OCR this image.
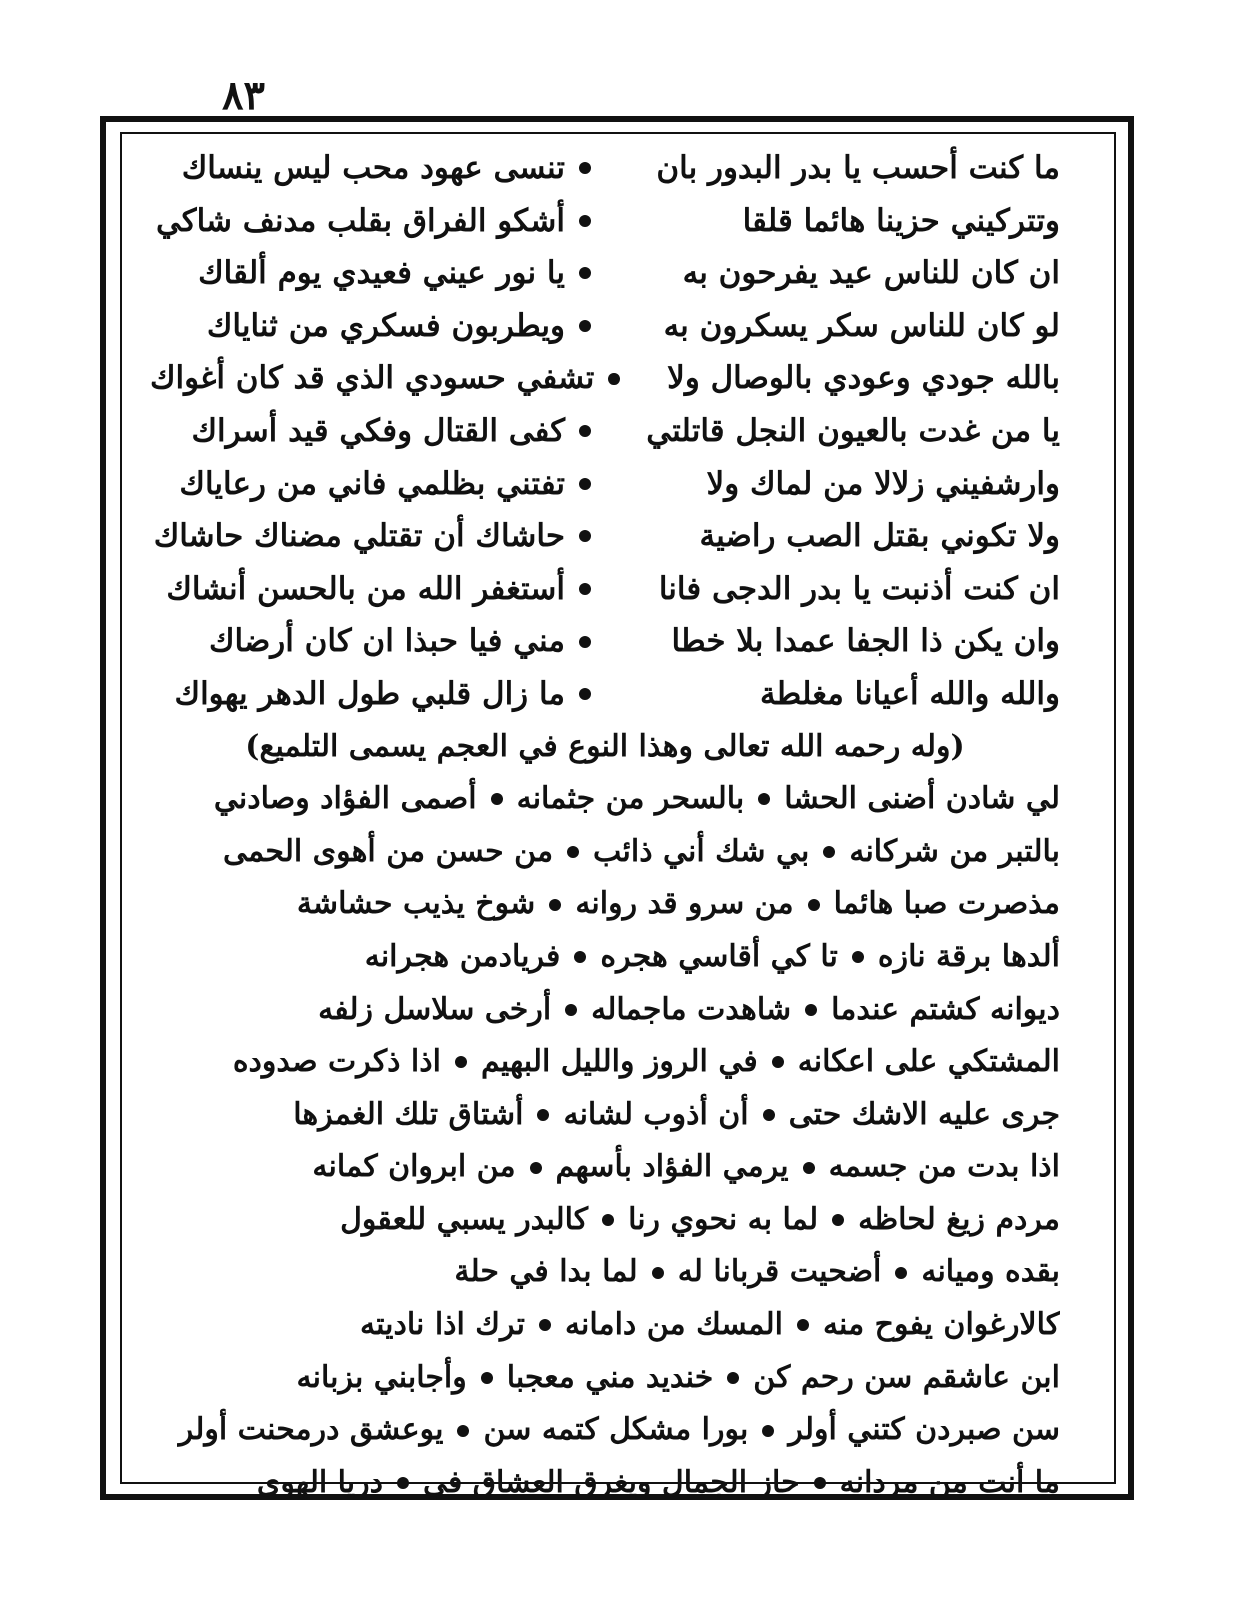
٨٣
ما كنت أحسب يا بدر البدور بان
تنسى عهود محب ليس ينساك
وتتركيني حزينا هائما قلقا
أشكو الفراق بقلب مدنف شاكي
ان كان للناس عيد يفرحون به
يا نور عيني فعيدي يوم ألقاك
لو كان للناس سكر يسكرون به
ويطربون فسكري من ثناياك
بالله جودي وعودي بالوصال ولا
تشفي حسودي الذي قد كان أغواك
يا من غدت بالعيون النجل قاتلتي
كفى القتال وفكي قيد أسراك
وارشفيني زلالا من لماك ولا
تفتني بظلمي فاني من رعاياك
ولا تكوني بقتل الصب راضية
حاشاك أن تقتلي مضناك حاشاك
ان كنت أذنبت يا بدر الدجى فانا
أستغفر الله من بالحسن أنشاك
وان يكن ذا الجفا عمدا بلا خطا
مني فيا حبذا ان كان أرضاك
والله والله أعيانا مغلطة
ما زال قلبي طول الدهر يهواك
(وله رحمه الله تعالى وهذا النوع في العجم يسمى التلميع)
لي شادن أضنى الحشا
بالسحر من جثمانه
أصمى الفؤاد وصادني
بالتبر من شركانه
بي شك أني ذائب
من حسن من أهوى الحمى
مذصرت صبا هائما
من سرو قد روانه
شوخ يذيب حشاشة
ألدها برقة نازه
تا كي أقاسي هجره
فريادمن هجرانه
ديوانه كشتم عندما
شاهدت ماجماله
أرخى سلاسل زلفه
المشتكي على اعكانه
في الروز والليل البهيم
اذا ذكرت صدوده
جرى عليه الاشك حتى
أن أذوب لشانه
أشتاق تلك الغمزها
اذا بدت من جسمه
يرمي الفؤاد بأسهم
من ابروان كمانه
مردم زيغ لحاظه
لما به نحوي رنا
كالبدر يسبي للعقول
بقده وميانه
أضحيت قربانا له
لما بدا في حلة
كالارغوان يفوح منه
المسك من دامانه
ترك اذا ناديته
ابن عاشقم سن رحم كن
خنديد مني معجبا
وأجابني بزبانه
سن صبردن كتني أولر
بورا مشكل كتمه سن
يوعشق درمحنت أولر
ما أنت من مردانه
حاز الجمال ويغرق العشاق في
دريا الهوى
